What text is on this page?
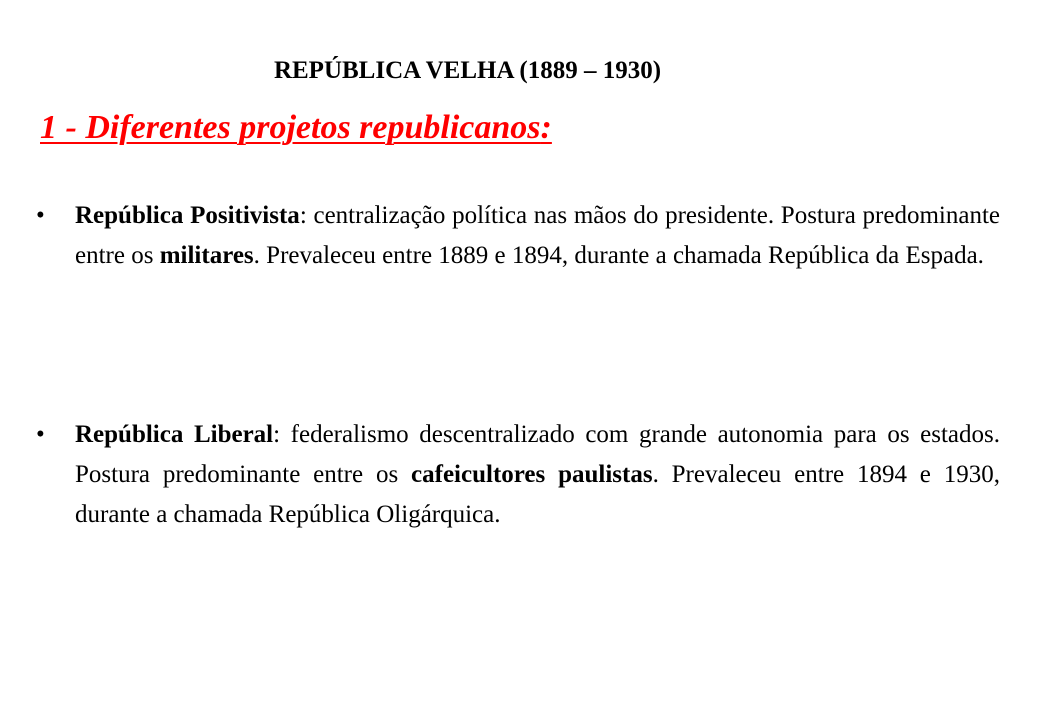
REPÚBLICA VELHA (1889 – 1930)
1 - Diferentes projetos republicanos:
•	República Positivista: centralização política nas mãos do presidente. Postura predominante entre os militares. Prevaleceu entre 1889 e 1894, durante a chamada República da Espada.
•	República Liberal: federalismo descentralizado com grande autonomia para os estados. Postura predominante entre os cafeicultores paulistas. Prevaleceu entre 1894 e 1930, durante a chamada República Oligárquica.
